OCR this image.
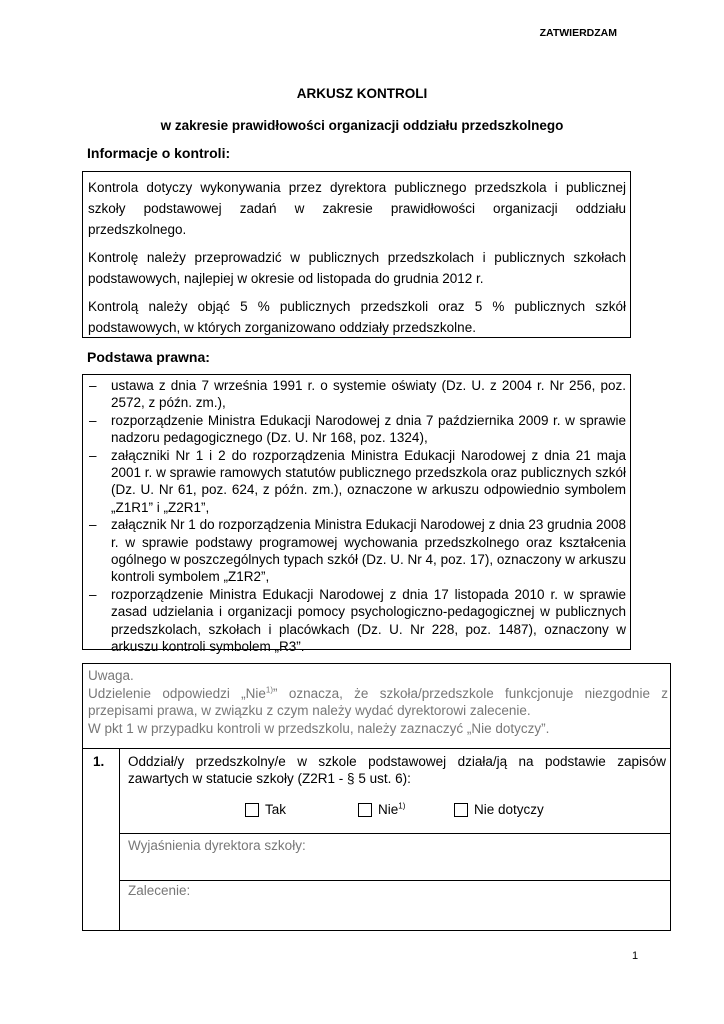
ZATWIERDZAM
ARKUSZ KONTROLI
w zakresie prawidłowości organizacji oddziału przedszkolnego
Informacje o kontroli:

Kontrola dotyczy wykonywania przez dyrektora publicznego przedszkola i publicznej szkoły podstawowej zadań w zakresie prawidłowości organizacji oddziału przedszkolnego.

Kontrolę należy przeprowadzić w publicznych przedszkolach i publicznych szkołach podstawowych, najlepiej w okresie od listopada do grudnia 2012 r.

Kontrolą należy objąć 5 % publicznych przedszkoli oraz 5 % publicznych szkół podstawowych, w których zorganizowano oddziały przedszkolne.

Podstawa prawna:
– ustawa z dnia 7 września 1991 r. o systemie oświaty (Dz. U. z 2004 r. Nr 256, poz. 2572, z późn. zm.),
– rozporządzenie Ministra Edukacji Narodowej z dnia 7 października 2009 r. w sprawie nadzoru pedagogicznego (Dz. U. Nr 168, poz. 1324),
– załączniki Nr 1 i 2 do rozporządzenia Ministra Edukacji Narodowej z dnia 21 maja 2001 r. w sprawie ramowych statutów publicznego przedszkola oraz publicznych szkół (Dz. U. Nr 61, poz. 624, z późn. zm.), oznaczone w arkuszu odpowiednio symbolem „Z1R1” i „Z2R1”,
– załącznik Nr 1 do rozporządzenia Ministra Edukacji Narodowej z dnia 23 grudnia 2008 r. w sprawie podstawy programowej wychowania przedszkolnego oraz kształcenia ogólnego w poszczególnych typach szkół (Dz. U. Nr 4, poz. 17), oznaczony w arkuszu kontroli symbolem „Z1R2”,
– rozporządzenie Ministra Edukacji Narodowej z dnia 17 listopada 2010 r. w sprawie zasad udzielania i organizacji pomocy psychologiczno-pedagogicznej w publicznych przedszkolach, szkołach i placówkach (Dz. U. Nr 228, poz. 1487), oznaczony w arkuszu kontroli symbolem „R3”.

Uwaga.

Udzielenie odpowiedzi „Nie$^{1)}$” oznacza, że szkoła/przedszkole funkcjonuje niezgodnie z przepisami prawa, w związku z czym należy wydać dyrektorowi zalecenie.

W pkt 1 w przypadku kontroli w przedszkolu, należy zaznaczyć „Nie dotyczy”.

1. Oddział/y przedszkolny/e w szkole podstawowej działa/ją na podstawie zapisów zawartych w statucie szkoły (Z2R1 - § 5 ust. 6):
Tak	Nie$^{1)}$	Nie dotyczy
Wyjaśnienia dyrektora szkoły:
Zalecenie:
1
